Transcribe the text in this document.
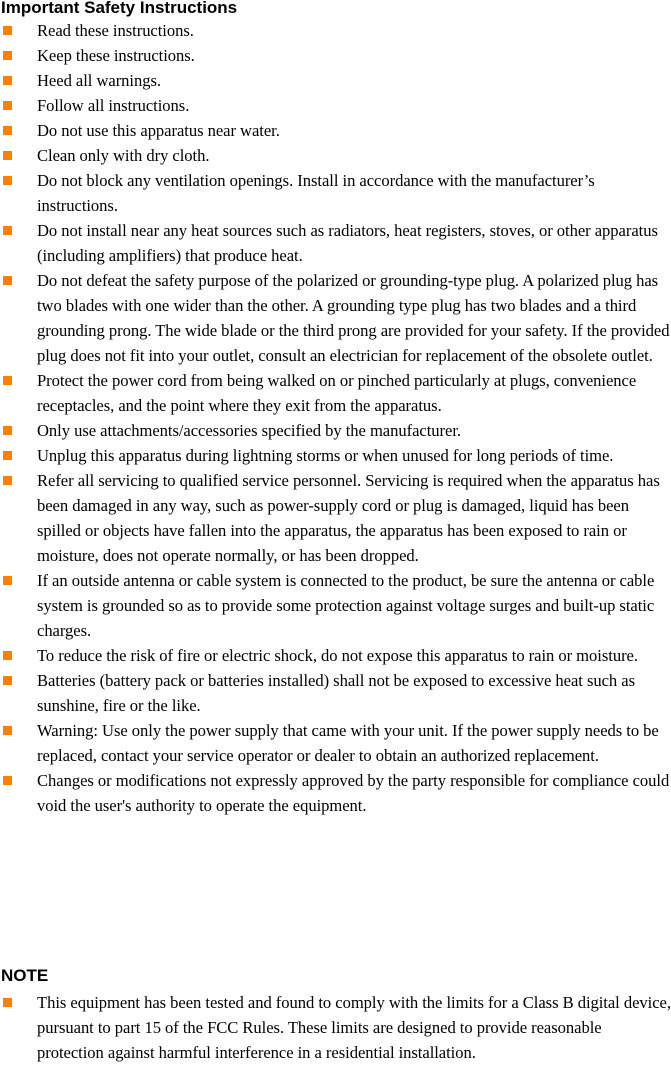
Important Safety Instructions
Read these instructions.
Keep these instructions.
Heed all warnings.
Follow all instructions.
Do not use this apparatus near water.
Clean only with dry cloth.
Do not block any ventilation openings. Install in accordance with the manufacturer’s instructions.
Do not install near any heat sources such as radiators, heat registers, stoves, or other apparatus (including amplifiers) that produce heat.
Do not defeat the safety purpose of the polarized or grounding-type plug. A polarized plug has two blades with one wider than the other. A grounding type plug has two blades and a third grounding prong. The wide blade or the third prong are provided for your safety. If the provided plug does not fit into your outlet, consult an electrician for replacement of the obsolete outlet.
Protect the power cord from being walked on or pinched particularly at plugs, convenience receptacles, and the point where they exit from the apparatus.
Only use attachments/accessories specified by the manufacturer.
Unplug this apparatus during lightning storms or when unused for long periods of time.
Refer all servicing to qualified service personnel. Servicing is required when the apparatus has been damaged in any way, such as power-supply cord or plug is damaged, liquid has been spilled or objects have fallen into the apparatus, the apparatus has been exposed to rain or moisture, does not operate normally, or has been dropped.
If an outside antenna or cable system is connected to the product, be sure the antenna or cable system is grounded so as to provide some protection against voltage surges and built-up static charges.
To reduce the risk of fire or electric shock, do not expose this apparatus to rain or moisture.
Batteries (battery pack or batteries installed) shall not be exposed to excessive heat such as sunshine, fire or the like.
Warning: Use only the power supply that came with your unit. If the power supply needs to be replaced, contact your service operator or dealer to obtain an authorized replacement.
Changes or modifications not expressly approved by the party responsible for compliance could void the user's authority to operate the equipment.
NOTE
This equipment has been tested and found to comply with the limits for a Class B digital device, pursuant to part 15 of the FCC Rules. These limits are designed to provide reasonable protection against harmful interference in a residential installation.
